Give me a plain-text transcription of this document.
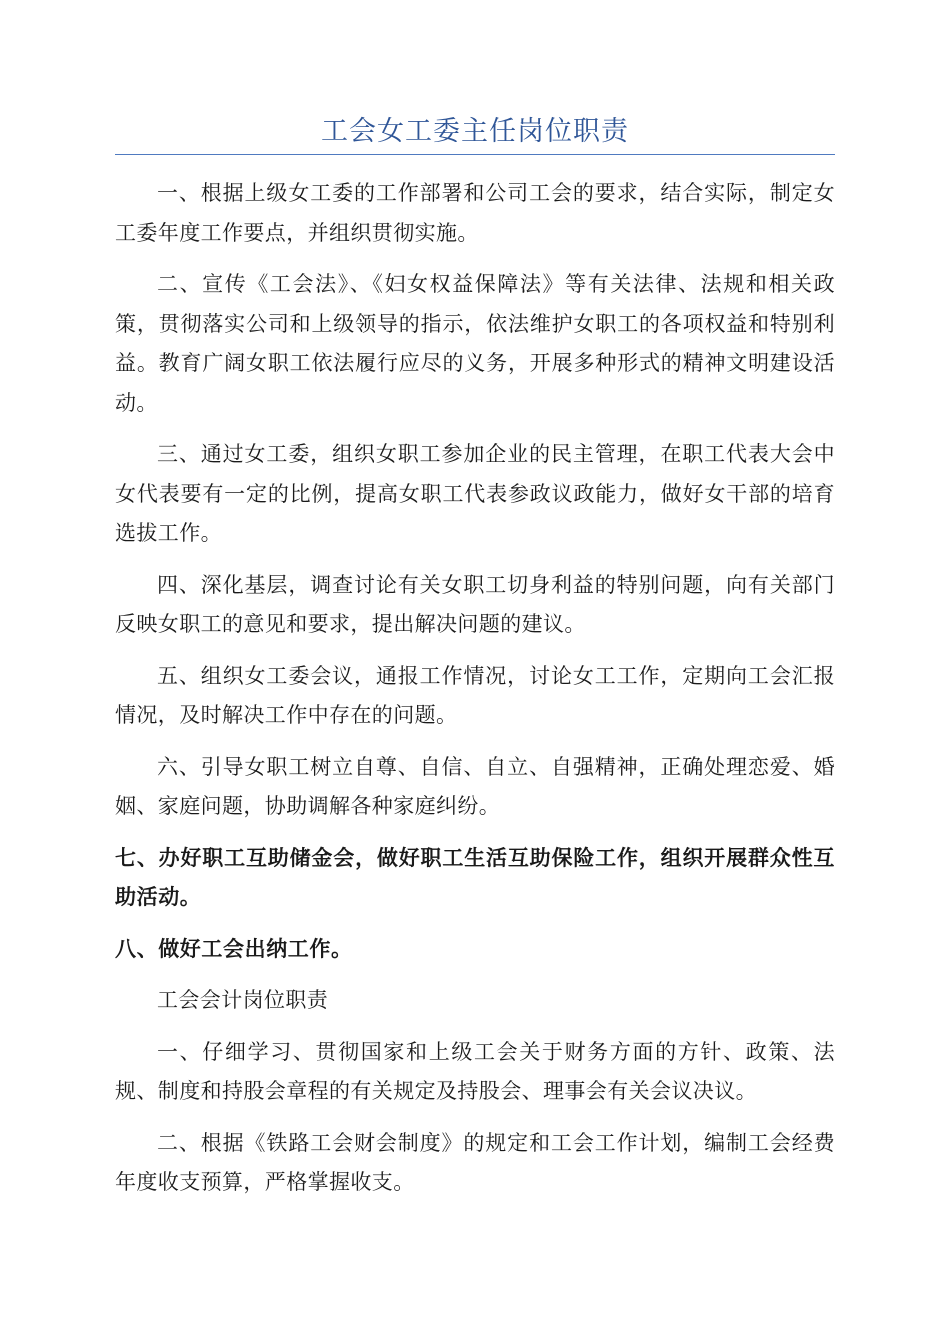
工会女工委主任岗位职责

一、根据上级女工委的工作部署和公司工会的要求，结合实际，制定女工委年度工作要点，并组织贯彻实施。

二、宣传《工会法》、《妇女权益保障法》等有关法律、法规和相关政策，贯彻落实公司和上级领导的指示，依法维护女职工的各项权益和特别利益。教育广阔女职工依法履行应尽的义务，开展多种形式的精神文明建设活动。

三、通过女工委，组织女职工参加企业的民主管理，在职工代表大会中女代表要有一定的比例，提高女职工代表参政议政能力，做好女干部的培育选拔工作。

四、深化基层，调查讨论有关女职工切身利益的特别问题，向有关部门反映女职工的意见和要求，提出解决问题的建议。

五、组织女工委会议，通报工作情况，讨论女工工作，定期向工会汇报情况，及时解决工作中存在的问题。

六、引导女职工树立自尊、自信、自立、自强精神，正确处理恋爱、婚姻、家庭问题，协助调解各种家庭纠纷。

七、办好职工互助储金会，做好职工生活互助保险工作，组织开展群众性互助活动。

八、做好工会出纳工作。

工会会计岗位职责

一、仔细学习、贯彻国家和上级工会关于财务方面的方针、政策、法规、制度和持股会章程的有关规定及持股会、理事会有关会议决议。

二、根据《铁路工会财会制度》的规定和工会工作计划，编制工会经费年度收支预算，严格掌握收支。
